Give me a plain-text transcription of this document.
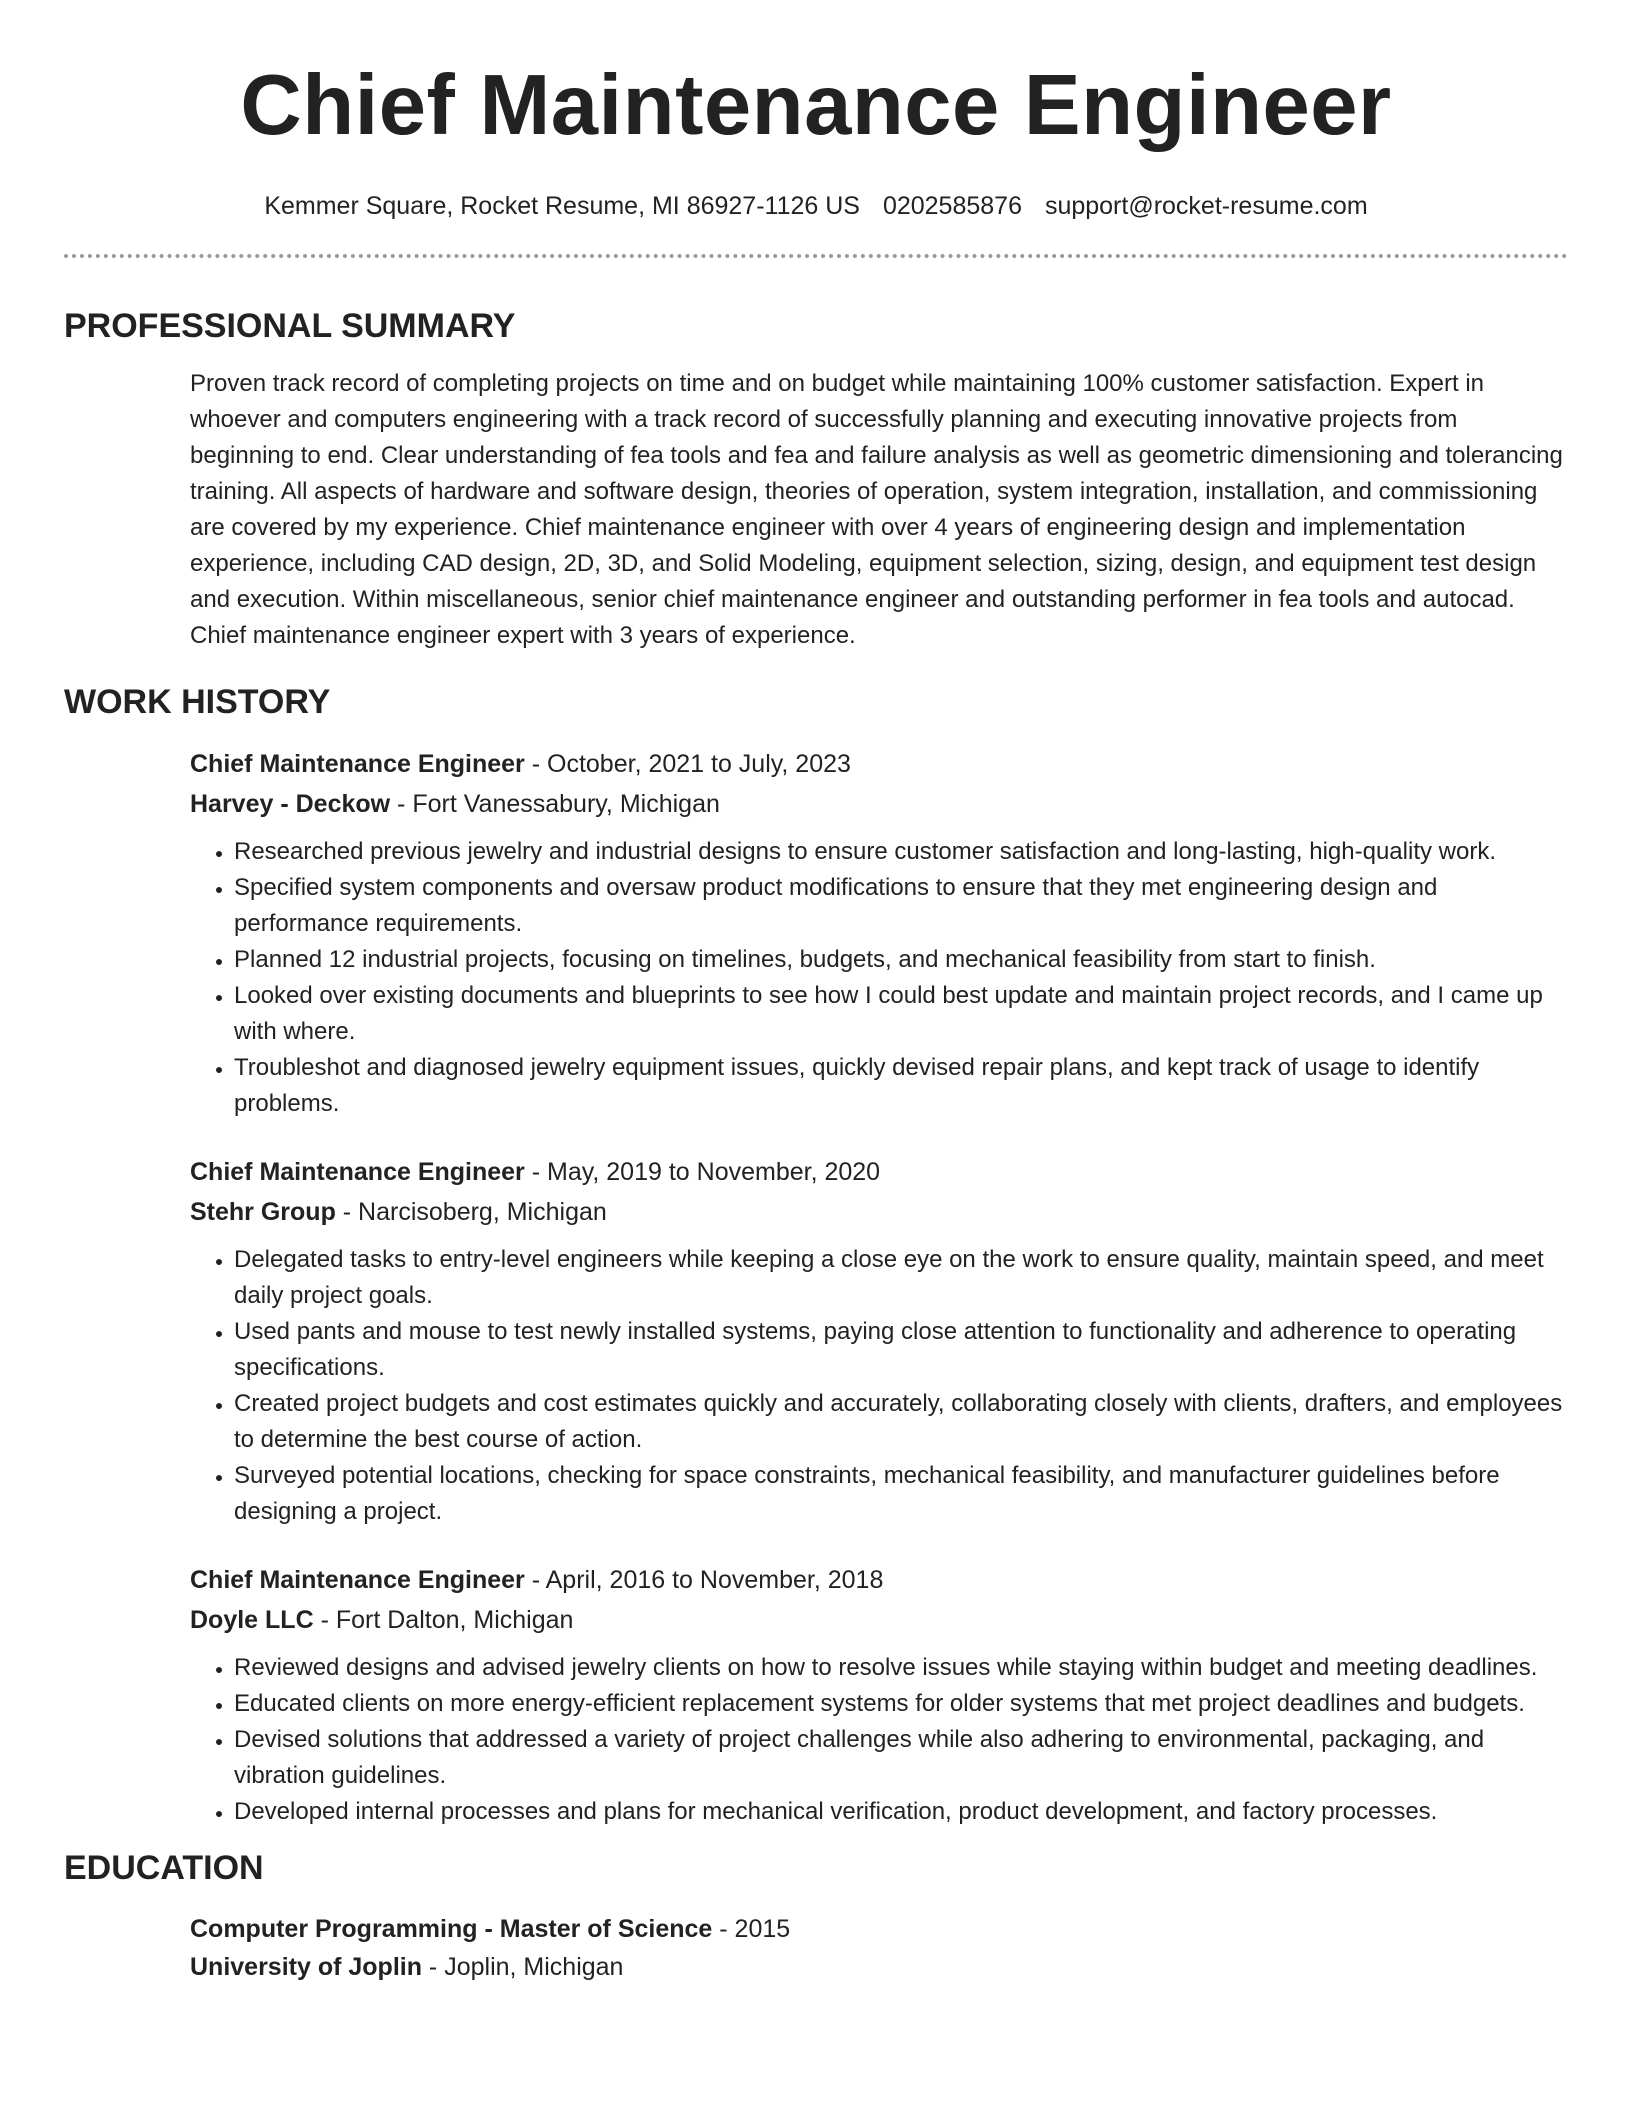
Chief Maintenance Engineer
Kemmer Square, Rocket Resume, MI 86927-1126 US 0202585876 support@rocket-resume.com
PROFESSIONAL SUMMARY

Proven track record of completing projects on time and on budget while maintaining 100% customer satisfaction. Expert in whoever and computers engineering with a track record of successfully planning and executing innovative projects from beginning to end. Clear understanding of fea tools and fea and failure analysis as well as geometric dimensioning and tolerancing training. All aspects of hardware and software design, theories of operation, system integration, installation, and commissioning are covered by my experience. Chief maintenance engineer with over 4 years of engineering design and implementation experience, including CAD design, 2D, 3D, and Solid Modeling, equipment selection, sizing, design, and equipment test design and execution. Within miscellaneous, senior chief maintenance engineer and outstanding performer in fea tools and autocad. Chief maintenance engineer expert with 3 years of experience.

WORK HISTORY
Chief Maintenance Engineer - October, 2021 to July, 2023
Harvey - Deckow - Fort Vanessabury, Michigan
• Researched previous jewelry and industrial designs to ensure customer satisfaction and long-lasting, high-quality work.
• Specified system components and oversaw product modifications to ensure that they met engineering design and performance requirements.
• Planned 12 industrial projects, focusing on timelines, budgets, and mechanical feasibility from start to finish.
• Looked over existing documents and blueprints to see how I could best update and maintain project records, and I came up with where.
• Troubleshot and diagnosed jewelry equipment issues, quickly devised repair plans, and kept track of usage to identify problems.
Chief Maintenance Engineer - May, 2019 to November, 2020
Stehr Group - Narcisoberg, Michigan
• Delegated tasks to entry-level engineers while keeping a close eye on the work to ensure quality, maintain speed, and meet daily project goals.
• Used pants and mouse to test newly installed systems, paying close attention to functionality and adherence to operating specifications.
• Created project budgets and cost estimates quickly and accurately, collaborating closely with clients, drafters, and employees to determine the best course of action.
• Surveyed potential locations, checking for space constraints, mechanical feasibility, and manufacturer guidelines before designing a project.
Chief Maintenance Engineer - April, 2016 to November, 2018
Doyle LLC - Fort Dalton, Michigan
• Reviewed designs and advised jewelry clients on how to resolve issues while staying within budget and meeting deadlines.
• Educated clients on more energy-efficient replacement systems for older systems that met project deadlines and budgets.
• Devised solutions that addressed a variety of project challenges while also adhering to environmental, packaging, and vibration guidelines.
• Developed internal processes and plans for mechanical verification, product development, and factory processes.
EDUCATION
Computer Programming - Master of Science - 2015
University of Joplin - Joplin, Michigan
